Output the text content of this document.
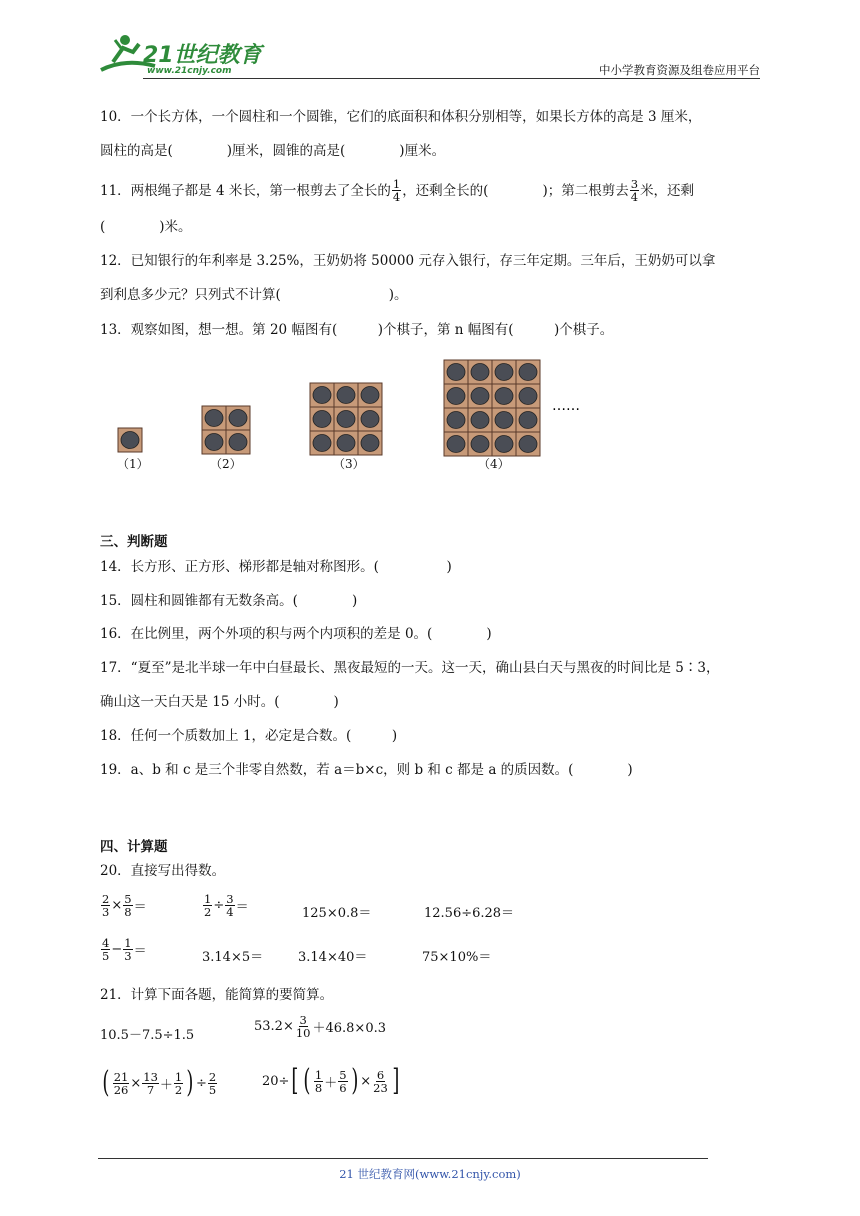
21世纪教育
www.21cnjy.com	中小学教育资源及组卷应用平台
10．一个长方体，一个圆柱和一个圆锥，它们的底面积和体积分别相等，如果长方体的高是 3 厘米，
圆柱的高是(　　　　)厘米，圆锥的高是(　　　　)厘米。
11．两根绳子都是 4 米长，第一根剪去了全长的 $\frac{1}{4}$ ，还剩全长的(　　　　)；第二根剪去 $\frac{3}{4}$ 米，还剩
(　　　　)米。
12．已知银行的年利率是 3.25%，王奶奶将 50000 元存入银行，存三年定期。三年后，王奶奶可以拿
到利息多少元？只列式不计算(　　　　　　　　)。
13．观察如图，想一想。第 20 幅图有(　　　)个棋子，第 n 幅图有(　　　)个棋子。
……
（1）	（2）	（3）	（4）
三、判断题
14．长方形、正方形、梯形都是轴对称图形。(　　　　　)
15．圆柱和圆锥都有无数条高。(　　　　)
16．在比例里，两个外项的积与两个内项积的差是 0。(　　　　)
17．“夏至”是北半球一年中白昼最长、黑夜最短的一天。这一天，确山县白天与黑夜的时间比是 5∶3，
确山这一天白天是 15 小时。(　　　　)
18．任何一个质数加上 1，必定是合数。(　　　)
19．a、b 和 c 是三个非零自然数，若 a＝b×c，则 b 和 c 都是 a 的质因数。(　　　　)
四、计算题
20．直接写出得数。
$\frac{2}{3} \times \frac{5}{8}$ ＝	$\frac{1}{2} \div \frac{3}{4}$ ＝	125×0.8＝	12.56÷6.28＝
$\frac{4}{5} - \frac{1}{3}$ ＝	3.14×5＝	3.14×40＝	75×10%＝
21．计算下面各题，能简算的要简算。
10.5－7.5÷1.5
$53.2\times \frac{3}{10} +46.8\times 0.3$
( $\frac{21}{26} \times \frac{13}{7} + \frac{1}{2}$ ) ÷ $\frac{2}{5}$	20÷ [ ( $\frac{1}{8} + \frac{5}{6}$ ) × $\frac{6}{23}$ ]
21 世纪教育网(www.21cnjy.com)
